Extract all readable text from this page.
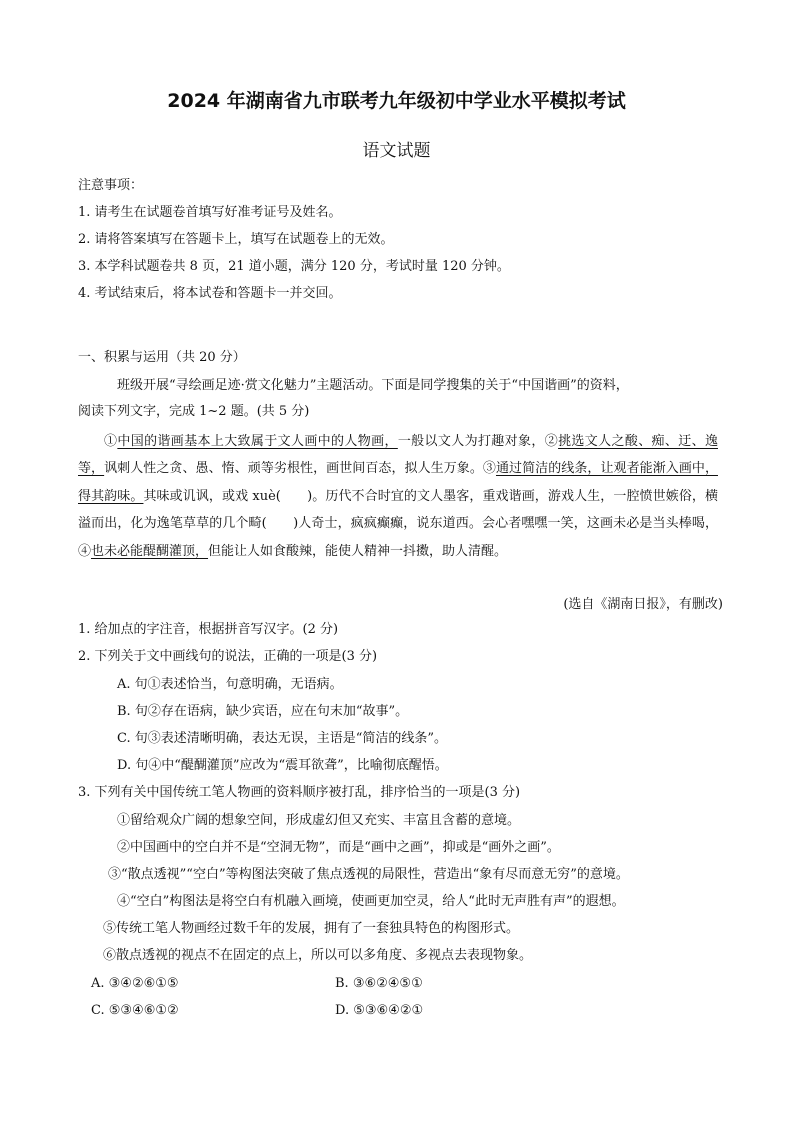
2024 年湖南省九市联考九年级初中学业水平模拟考试
语文试题
注意事项：
1. 请考生在试题卷首填写好准考证号及姓名。
2. 请将答案填写在答题卡上，填写在试题卷上的无效。
3. 本学科试题卷共 8 页，21 道小题，满分 120 分，考试时量 120 分钟。
4. 考试结束后，将本试卷和答题卡一并交回。
一、积累与运用（共 20 分）
班级开展“寻绘画足迹·赏文化魅力”主题活动。下面是同学搜集的关于“中国谐画”的资料，
阅读下列文字，完成 1~2 题。(共 5 分)
①中国的谐画基本上大致属于文人画中的人物画，一般以文人为打趣对象，②挑选文人之酸、痴、迂、逸等，讽刺人性之贪、愚、惰、顽等劣根性，画世间百态，拟人生万象。③通过简洁的线条，让观者能渐入画中，得其韵味。其味或讥讽，或戏 xuè(　　)。历代不合时宜的文人墨客，重戏谐画，游戏人生，一腔愤世嫉俗，横溢而出，化为逸笔草草的几个畸(　　)人奇士，疯疯癫癫，说东道西。会心者嘿嘿一笑，这画未必是当头棒喝，④也未必能醍醐灌顶，但能让人如食酸辣，能使人精神一抖擞，助人清醒。
(选自《湖南日报》，有删改)
1. 给加点的字注音，根据拼音写汉字。(2 分)
2. 下列关于文中画线句的说法，正确的一项是(3 分)
A. 句①表述恰当，句意明确，无语病。
B. 句②存在语病，缺少宾语，应在句末加“故事”。
C. 句③表述清晰明确，表达无误，主语是“简洁的线条”。
D. 句④中“醍醐灌顶”应改为“震耳欲聋”，比喻彻底醒悟。
3. 下列有关中国传统工笔人物画的资料顺序被打乱，排序恰当的一项是(3 分)
①留给观众广阔的想象空间，形成虚幻但又充实、丰富且含蓄的意境。
②中国画中的空白并不是“空洞无物”，而是“画中之画”，抑或是“画外之画”。
③“散点透视”“空白”等构图法突破了焦点透视的局限性，营造出“象有尽而意无穷”的意境。
④“空白”构图法是将空白有机融入画境，使画更加空灵，给人“此时无声胜有声”的遐想。
⑤传统工笔人物画经过数千年的发展，拥有了一套独具特色的构图形式。
⑥散点透视的视点不在固定的点上，所以可以多角度、多视点去表现物象。
A. ③④②⑥①⑤	B. ③⑥②④⑤①
C. ⑤③④⑥①②	D. ⑤③⑥④②①
